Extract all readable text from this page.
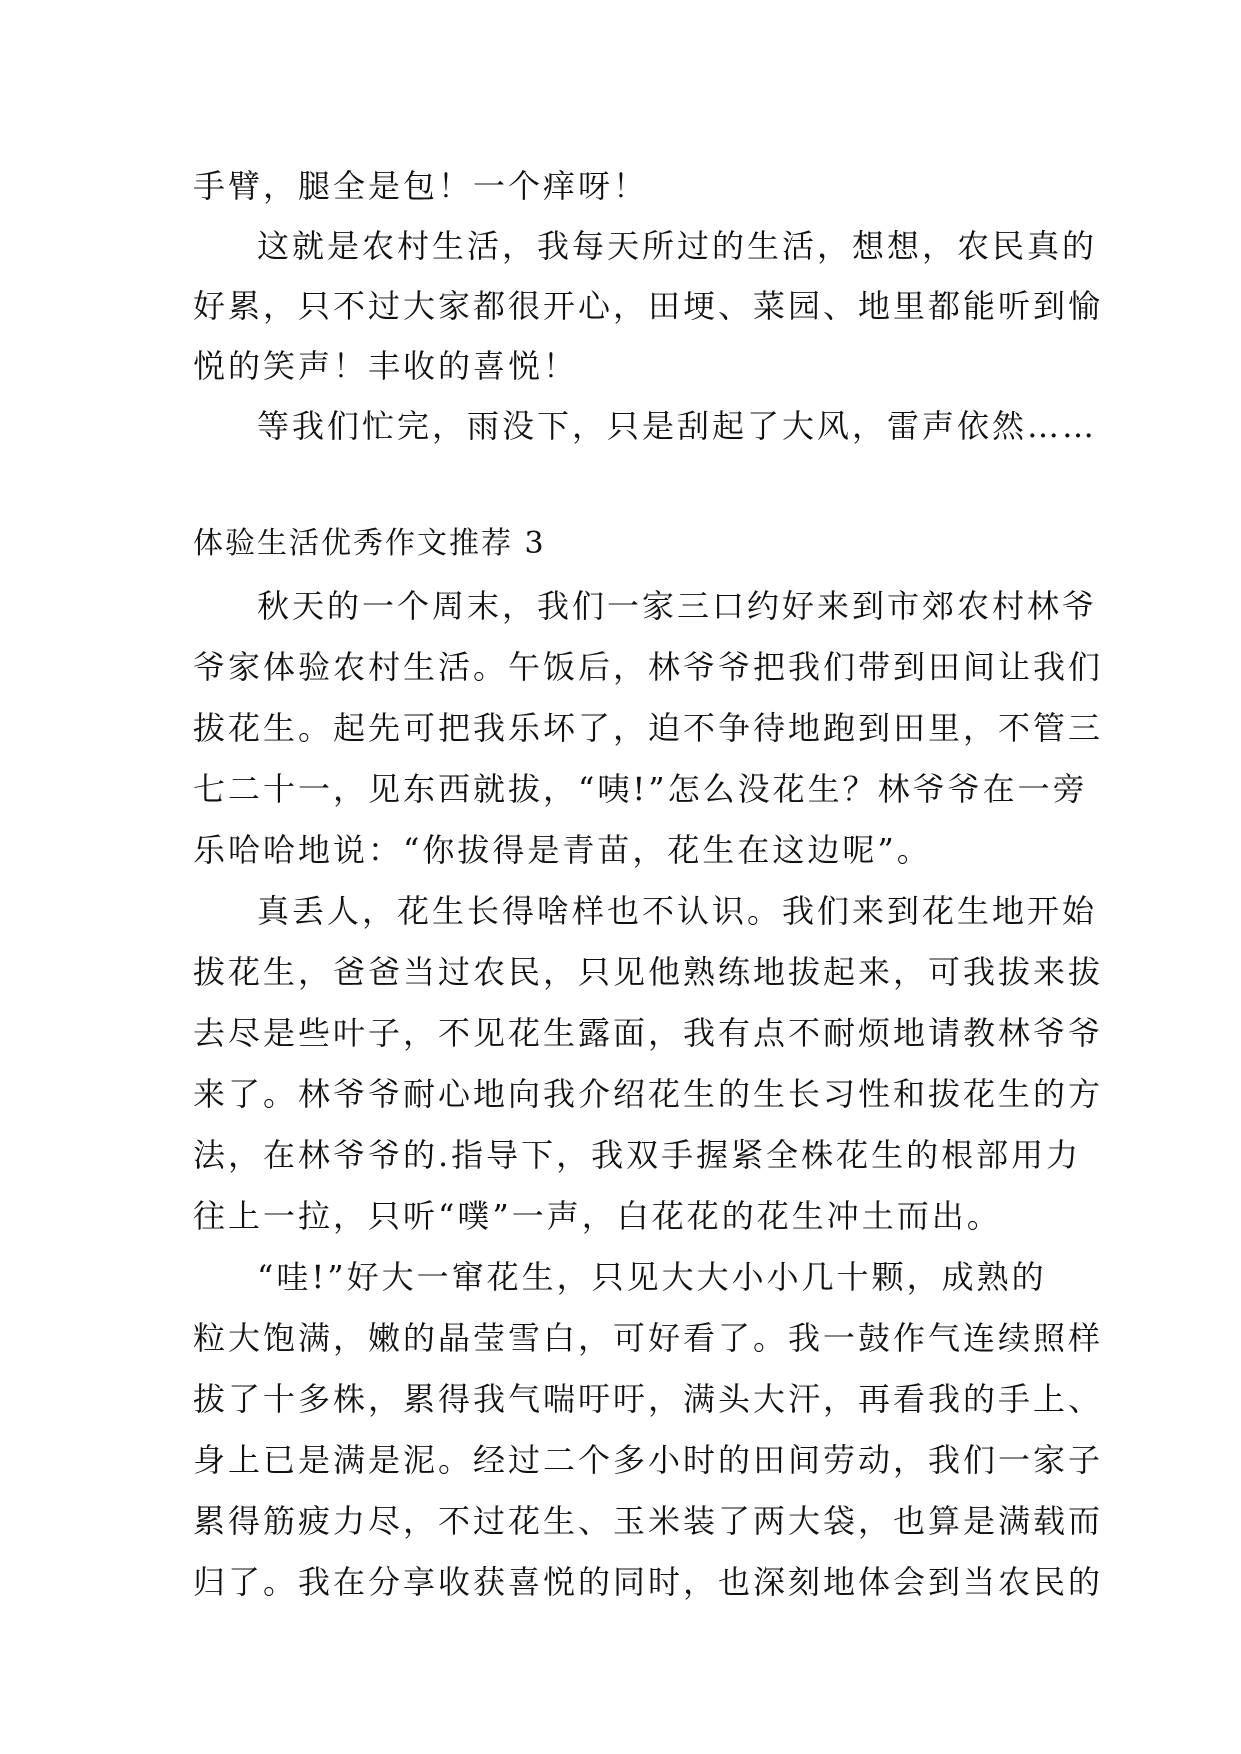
手臂，腿全是包！一个痒呀！
这就是农村生活，我每天所过的生活，想想，农民真的
好累，只不过大家都很开心，田埂、菜园、地里都能听到愉
悦的笑声！丰收的喜悦！
等我们忙完，雨没下，只是刮起了大风，雷声依然……
体验生活优秀作文推荐 3
秋天的一个周末，我们一家三口约好来到市郊农村林爷
爷家体验农村生活。午饭后，林爷爷把我们带到田间让我们
拔花生。起先可把我乐坏了，迫不争待地跑到田里，不管三
七二十一，见东西就拔，“咦!”怎么没花生？林爷爷在一旁
乐哈哈地说：“你拔得是青苗，花生在这边呢”。
真丢人，花生长得啥样也不认识。我们来到花生地开始
拔花生，爸爸当过农民，只见他熟练地拔起来，可我拔来拔
去尽是些叶子，不见花生露面，我有点不耐烦地请教林爷爷
来了。林爷爷耐心地向我介绍花生的生长习性和拔花生的方
法，在林爷爷的.指导下，我双手握紧全株花生的根部用力
往上一拉，只听“噗”一声，白花花的花生冲土而出。
“哇!”好大一窜花生，只见大大小小几十颗，成熟的
粒大饱满，嫩的晶莹雪白，可好看了。我一鼓作气连续照样
拔了十多株，累得我气喘吁吁，满头大汗，再看我的手上、
身上已是满是泥。经过二个多小时的田间劳动，我们一家子
累得筋疲力尽，不过花生、玉米装了两大袋，也算是满载而
归了。我在分享收获喜悦的同时，也深刻地体会到当农民的
